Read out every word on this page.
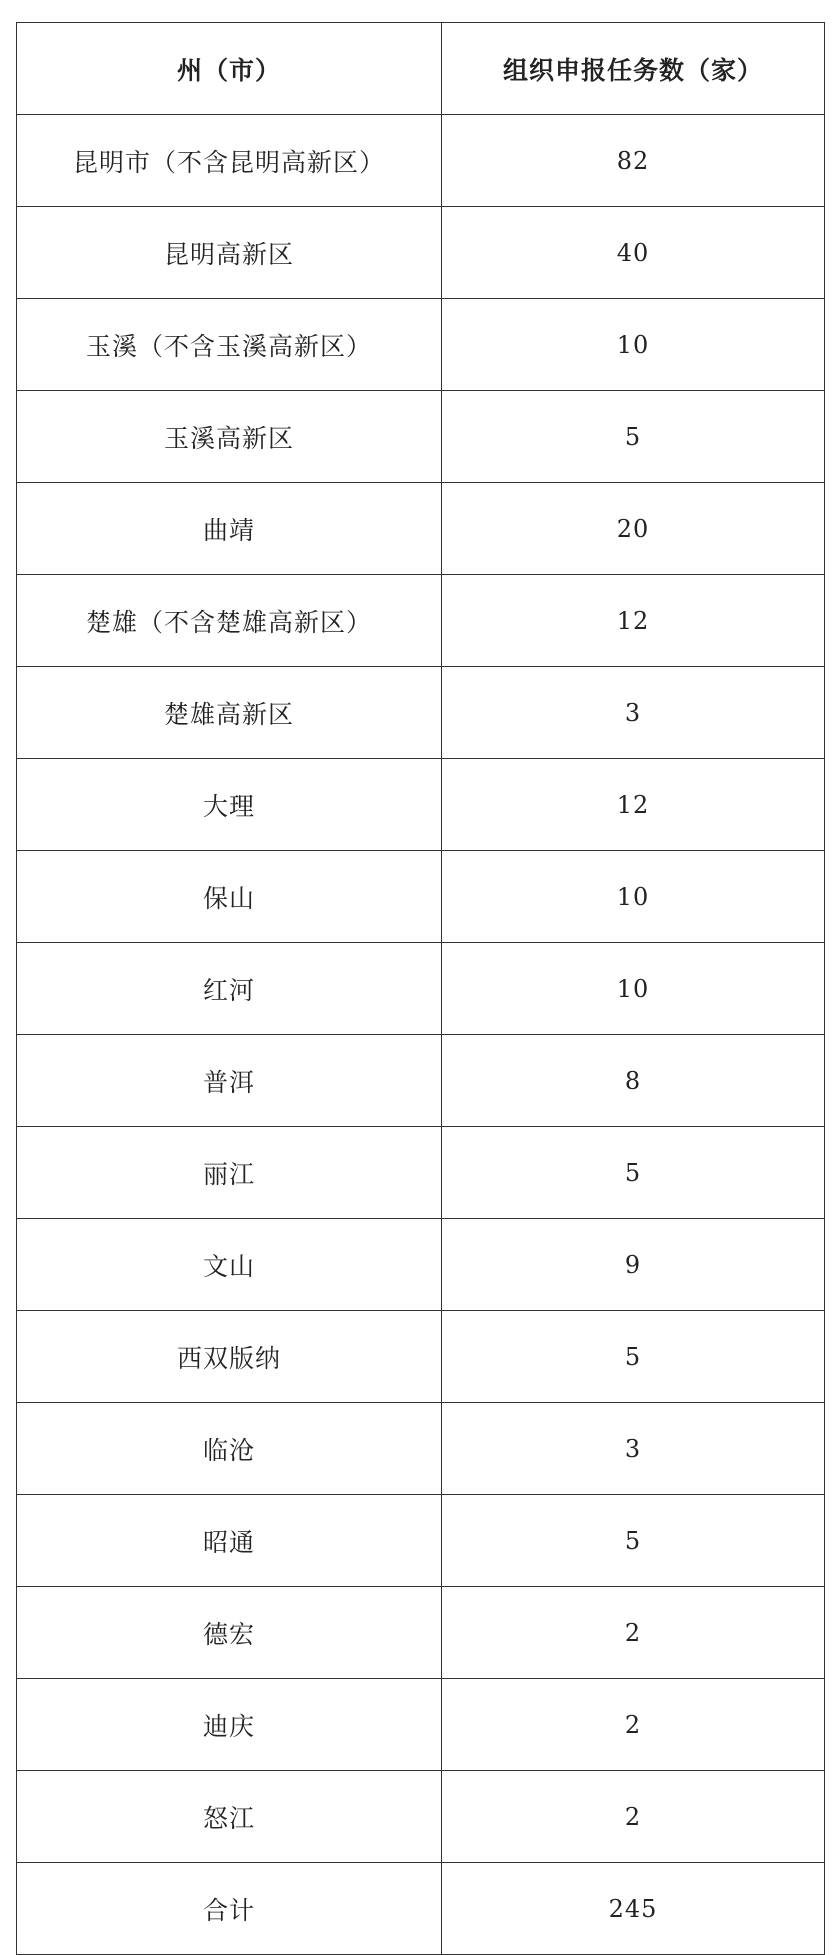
州（市）	组织申报任务数（家）
昆明市（不含昆明高新区）	82
昆明高新区	40
玉溪（不含玉溪高新区）	10
玉溪高新区	5
曲靖	20
楚雄（不含楚雄高新区）	12
楚雄高新区	3
大理	12
保山	10
红河	10
普洱	8
丽江	5
文山	9
西双版纳	5
临沧	3
昭通	5
德宏	2
迪庆	2
怒江	2
合计	245
